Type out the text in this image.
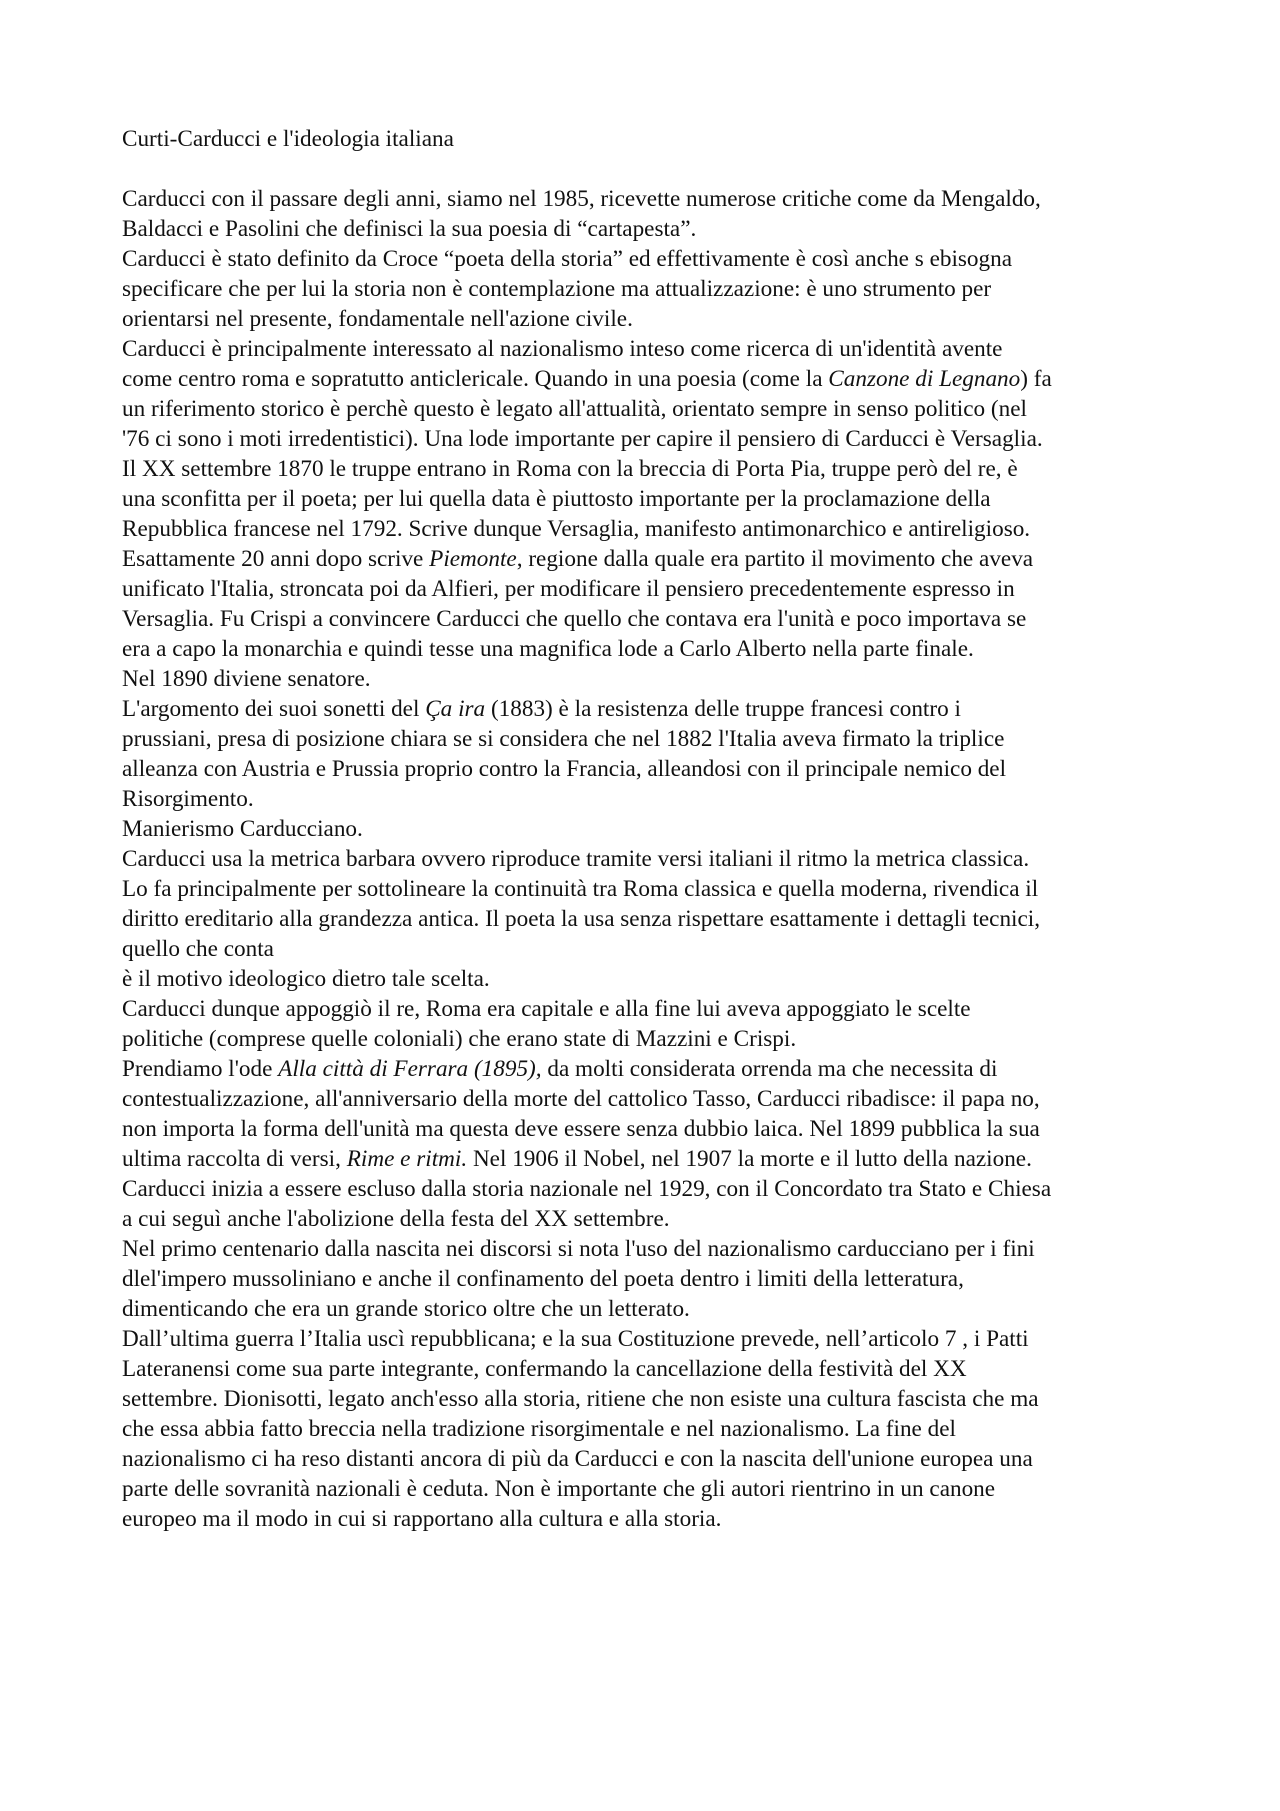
Curti-Carducci e l'ideologia italiana

Carducci con il passare degli anni, siamo nel 1985, ricevette numerose critiche come da Mengaldo,
Baldacci e Pasolini che definisci la sua poesia di “cartapesta”.

Carducci è stato definito da Croce “poeta della storia” ed effettivamente è così anche s ebisogna
specificare che per lui la storia non è contemplazione ma attualizzazione: è uno strumento per
orientarsi nel presente, fondamentale nell'azione civile.

Carducci è principalmente interessato al nazionalismo inteso come ricerca di un'identità avente
come centro roma e sopratutto anticlericale. Quando in una poesia (come la Canzone di Legnano) fa
un riferimento storico è perchè questo è legato all'attualità, orientato sempre in senso politico (nel
'76 ci sono i moti irredentistici). Una lode importante per capire il pensiero di Carducci è Versaglia.
Il XX settembre 1870 le truppe entrano in Roma con la breccia di Porta Pia, truppe però del re, è
una sconfitta per il poeta; per lui quella data è piuttosto importante per la proclamazione della
Repubblica francese nel 1792. Scrive dunque Versaglia, manifesto antimonarchico e antireligioso.
Esattamente 20 anni dopo scrive Piemonte, regione dalla quale era partito il movimento che aveva
unificato l'Italia, stroncata poi da Alfieri, per modificare il pensiero precedentemente espresso in
Versaglia. Fu Crispi a convincere Carducci che quello che contava era l'unità e poco importava se
era a capo la monarchia e quindi tesse una magnifica lode a Carlo Alberto nella parte finale.

Nel 1890 diviene senatore.

L'argomento dei suoi sonetti del Ça ira (1883) è la resistenza delle truppe francesi contro i
prussiani, presa di posizione chiara se si considera che nel 1882 l'Italia aveva firmato la triplice
alleanza con Austria e Prussia proprio contro la Francia, alleandosi con il principale nemico del
Risorgimento.

Manierismo Carducciano.

Carducci usa la metrica barbara ovvero riproduce tramite versi italiani il ritmo la metrica classica.
Lo fa principalmente per sottolineare la continuità tra Roma classica e quella moderna, rivendica il
diritto ereditario alla grandezza antica. Il poeta la usa senza rispettare esattamente i dettagli tecnici,
quello che conta
è il motivo ideologico dietro tale scelta.

Carducci dunque appoggiò il re, Roma era capitale e alla fine lui aveva appoggiato le scelte
politiche (comprese quelle coloniali) che erano state di Mazzini e Crispi.

Prendiamo l'ode Alla città di Ferrara (1895), da molti considerata orrenda ma che necessita di
contestualizzazione, all'anniversario della morte del cattolico Tasso, Carducci ribadisce: il papa no,
non importa la forma dell'unità ma questa deve essere senza dubbio laica. Nel 1899 pubblica la sua
ultima raccolta di versi, Rime e ritmi. Nel 1906 il Nobel, nel 1907 la morte e il lutto della nazione.

Carducci inizia a essere escluso dalla storia nazionale nel 1929, con il Concordato tra Stato e Chiesa
a cui seguì anche l'abolizione della festa del XX settembre.

Nel primo centenario dalla nascita nei discorsi si nota l'uso del nazionalismo carducciano per i fini
dlel'impero mussoliniano e anche il confinamento del poeta dentro i limiti della letteratura,
dimenticando che era un grande storico oltre che un letterato.

Dall’ultima guerra l’Italia uscì repubblicana; e la sua Costituzione prevede, nell’articolo 7 , i Patti
Lateranensi come sua parte integrante, confermando la cancellazione della festività del XX
settembre. Dionisotti, legato anch'esso alla storia, ritiene che non esiste una cultura fascista che ma
che essa abbia fatto breccia nella tradizione risorgimentale e nel nazionalismo. La fine del
nazionalismo ci ha reso distanti ancora di più da Carducci e con la nascita dell'unione europea una
parte delle sovranità nazionali è ceduta. Non è importante che gli autori rientrino in un canone
europeo ma il modo in cui si rapportano alla cultura e alla storia.
